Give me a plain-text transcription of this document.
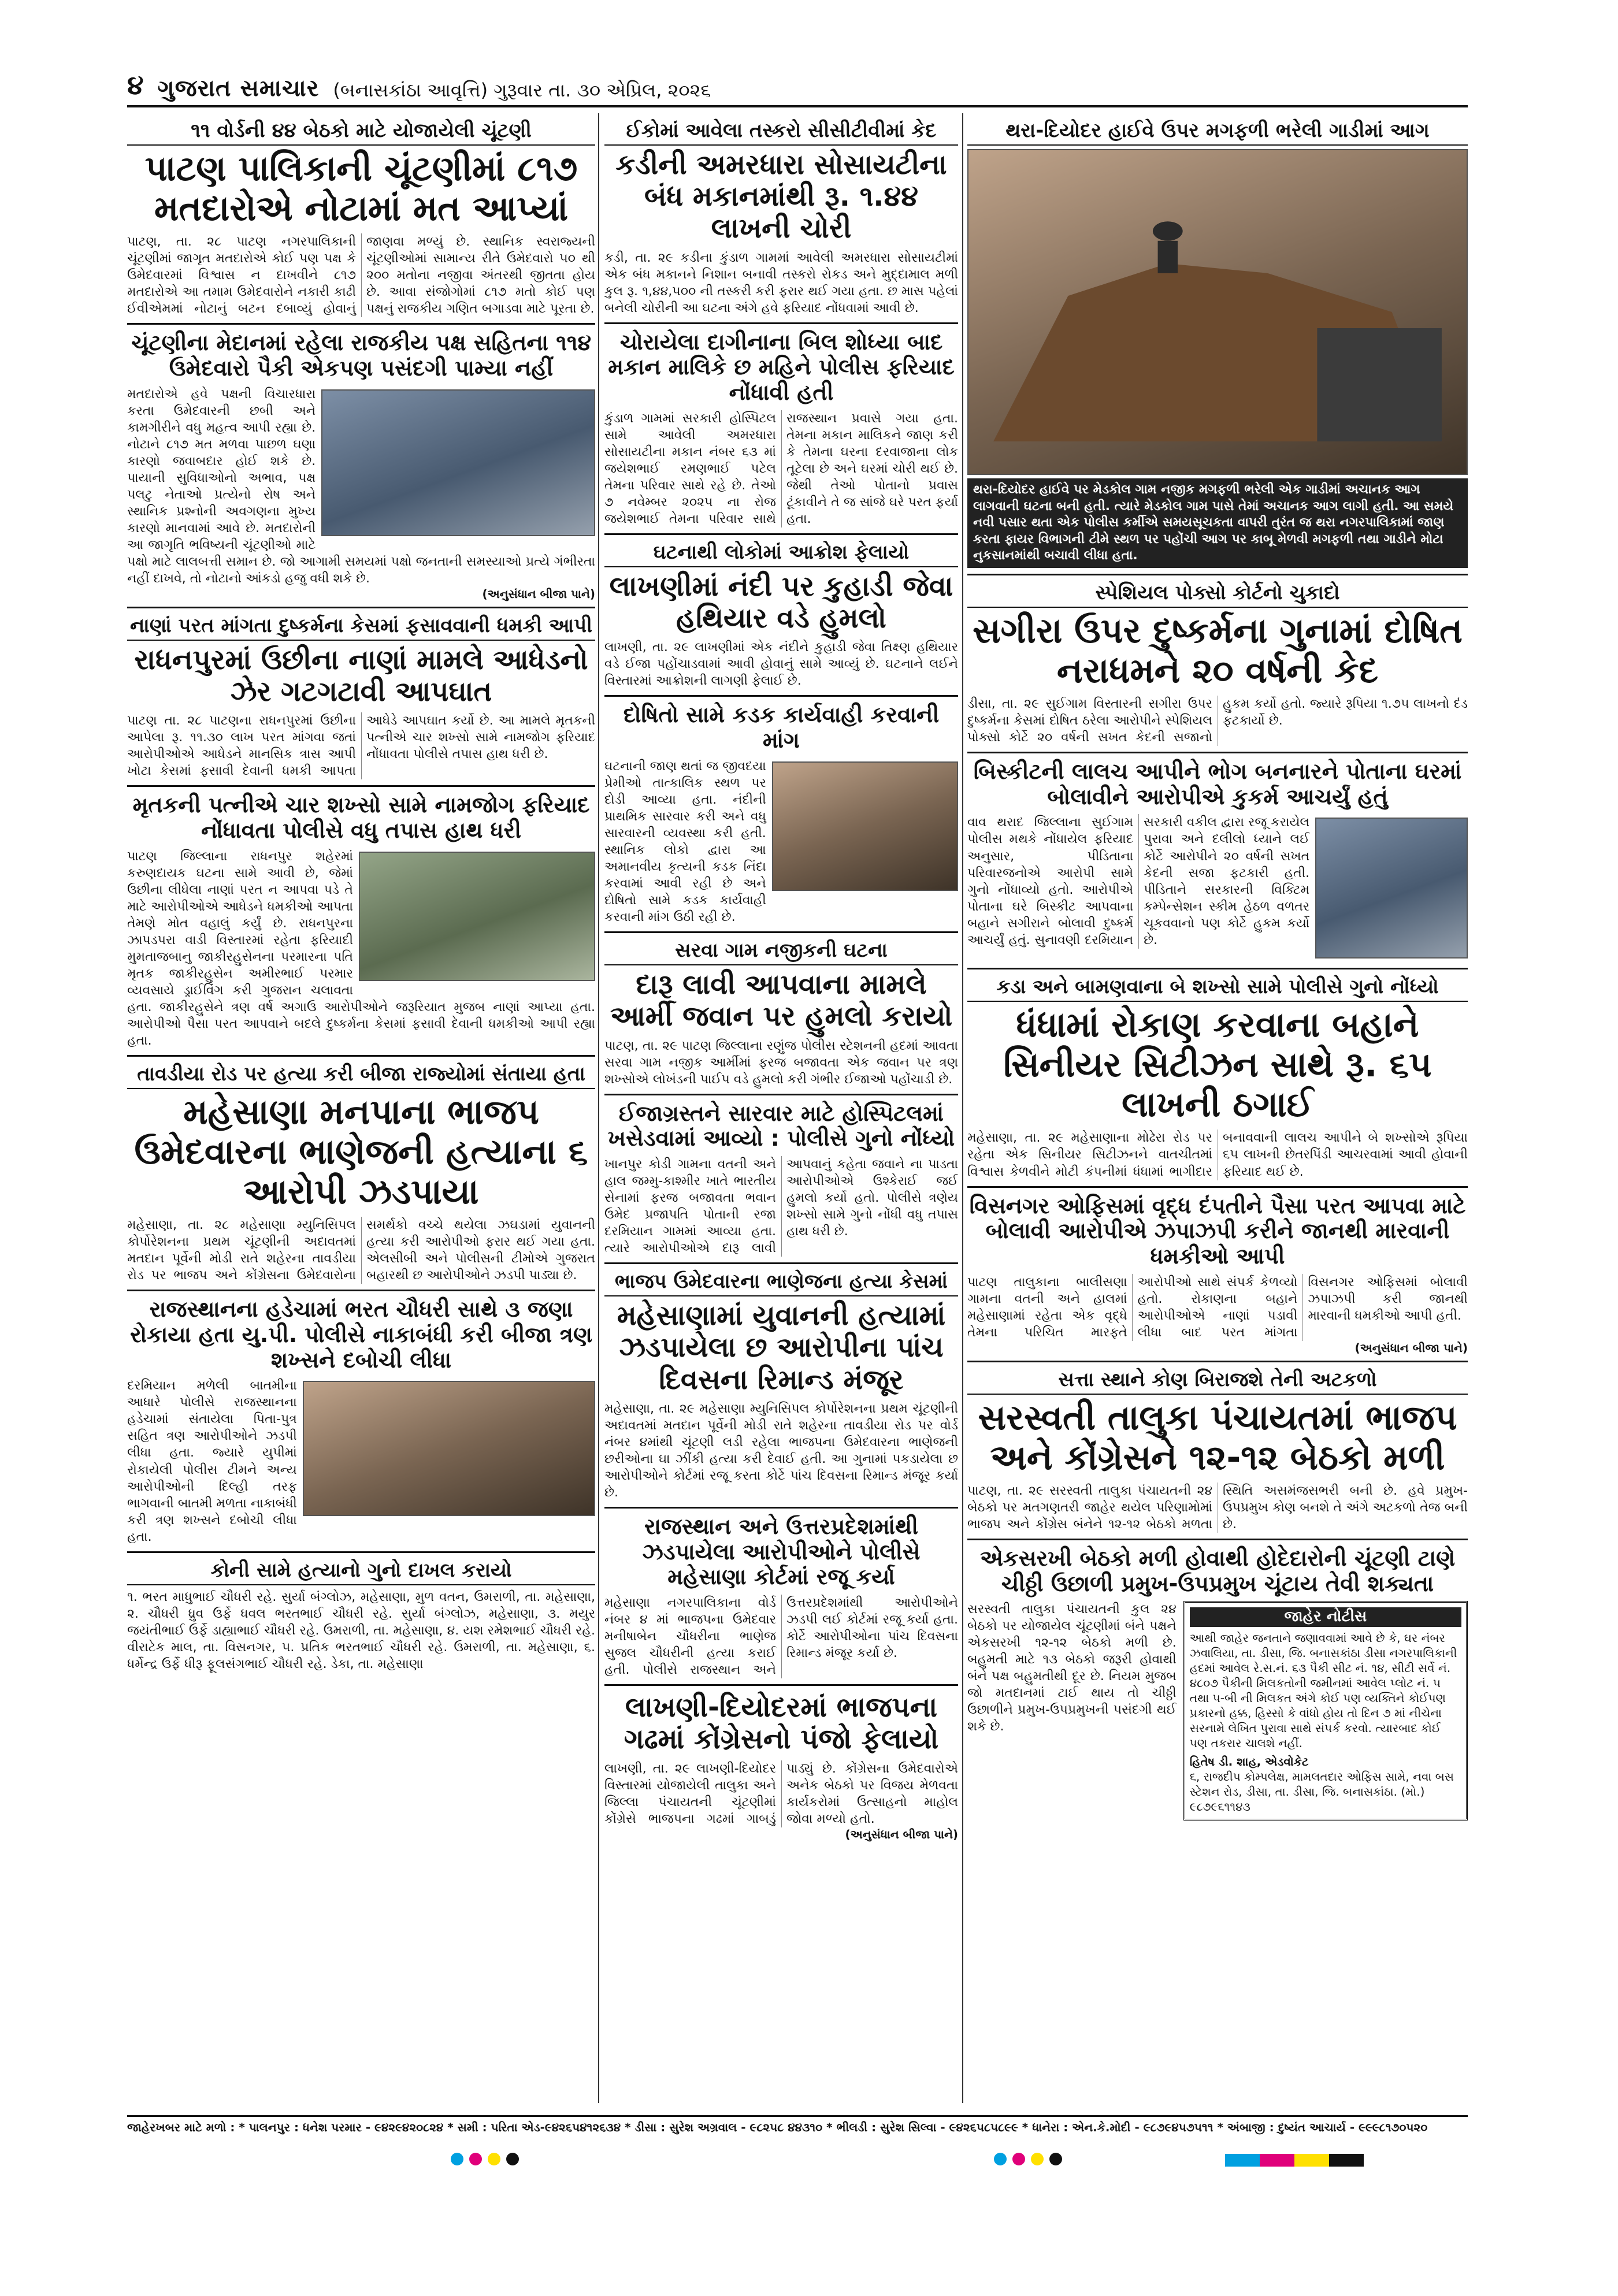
૪ ગુજરાત સમાચાર (બનાસકાંઠા આવૃત્તિ) ગુરૂવાર તા. ૩૦ એપ્રિલ, ૨૦૨૬
૧૧ વોર્ડની ૪૪ બેઠકો માટે યોજાયેલી ચૂંટણી
પાટણ પાલિકાની ચૂંટણીમાં ૮૧૭ મતદારોએ નોટામાં મત આપ્યાં
પાટણ, તા. ૨૮ પાટણ નગરપાલિકાની ચૂંટણીમાં જાગૃત મતદારોએ કોઈ પણ પક્ષ કે ઉમેદવારમાં વિશ્વાસ ન દાખવીને ૮૧૭ મતદારોએ આ તમામ ઉમેદવારોને નકારી કાઢી ઈવીએમમાં નોટાનું બટન દબાવ્યું હોવાનું જાણવા મળ્યું છે. સ્થાનિક સ્વરાજ્યની ચૂંટણીઓમાં સામાન્ય રીતે ઉમેદવારો ૫૦ થી ૨૦૦ મતોના નજીવા અંતરથી જીતતા હોય છે. આવા સંજોગોમાં ૮૧૭ મતો કોઈ પણ પક્ષનું રાજકીય ગણિત બગાડવા માટે પૂરતા છે.
ચૂંટણીના મેદાનમાં રહેલા રાજકીય પક્ષ સહિતના ૧૧૪ ઉમેદવારો પૈકી એકપણ પસંદગી પામ્યા નહીં
મતદારોએ હવે પક્ષની વિચારધારા કરતા ઉમેદવારની છબી અને કામગીરીને વધુ મહત્વ આપી રહ્યા છે. નોટાને ૮૧૭ મત મળવા પાછળ ઘણા કારણો જવાબદાર હોઈ શકે છે. પાયાની સુવિધાઓનો અભાવ, પક્ષ પલટુ નેતાઓ પ્રત્યેનો રોષ અને સ્થાનિક પ્રશ્નોની અવગણના મુખ્ય કારણો માનવામાં આવે છે. મતદારોની આ જાગૃતિ ભવિષ્યની ચૂંટણીઓ માટે પક્ષો માટે લાલબત્તી સમાન છે. જો આગામી સમયમાં પક્ષો જનતાની સમસ્યાઓ પ્રત્યે ગંભીરતા નહીં દાખવે, તો નોટાનો આંકડો હજુ વધી શકે છે.
(અનુસંધાન બીજા પાને)
નાણાં પરત માંગતા દુષ્કર્મના કેસમાં ફસાવવાની ધમકી આપી
રાધનપુરમાં ઉછીના નાણાં મામલે આધેડનો ઝેર ગટગટાવી આપઘાત
પાટણ તા. ૨૮ પાટણના રાધનપુરમાં ઉછીના આપેલા રૂ. ૧૧.૩૦ લાખ પરત માંગવા જતાં આરોપીઓએ આધેડને માનસિક ત્રાસ આપી ખોટા કેસમાં ફસાવી દેવાની ધમકી આપતા આધેડે આપઘાત કર્યો છે. આ મામલે મૃતકની પત્નીએ ચાર શખ્સો સામે નામજોગ ફરિયાદ નોંધાવતા પોલીસે તપાસ હાથ ધરી છે.
મૃતકની પત્નીએ ચાર શખ્સો સામે નામજોગ ફરિયાદ નોંધાવતા પોલીસે વધુ તપાસ હાથ ધરી
પાટણ જિલ્લાના રાધનપુર શહેરમાં કરુણદાયક ઘટના સામે આવી છે, જેમાં ઉછીના લીધેલા નાણાં પરત ન આપવા પડે તે માટે આરોપીઓએ આધેડને ધમકીઓ આપતા તેમણે મોત વહાલું કર્યું છે. રાધનપુરના ઝાપડપરા વાડી વિસ્તારમાં રહેતા ફરિયાદી મુમતાજબાનુ જાકીરહુસેનના પરમારના પતિ મૃતક જાકીરહુસેન અમીરભાઈ પરમાર વ્યવસાયે ડ્રાઈવિંગ કરી ગુજરાન ચલાવતા હતા. જાકીરહુસેને ત્રણ વર્ષ અગાઉ આરોપીઓને જરૂરિયાત મુજબ નાણાં આપ્યા હતા. આરોપીઓ પૈસા પરત આપવાને બદલે દુષ્કર્મના કેસમાં ફસાવી દેવાની ધમકીઓ આપી રહ્યા હતા.
તાવડીયા રોડ પર હત્યા કરી બીજા રાજ્યોમાં સંતાયા હતા
મહેસાણા મનપાના ભાજપ ઉમેદવારના ભાણેજની હત્યાના ૬ આરોપી ઝડપાયા
મહેસાણા, તા. ૨૮ મહેસાણા મ્યુનિસિપલ કોર્પોરેશનના પ્રથમ ચૂંટણીની અદાવતમાં મતદાન પૂર્વેની મોડી રાતે શહેરના તાવડીયા રોડ પર ભાજપ અને કોંગ્રેસના ઉમેદવારોના સમર્થકો વચ્ચે થયેલા ઝઘડામાં યુવાનની હત્યા કરી આરોપીઓ ફરાર થઈ ગયા હતા. એલસીબી અને પોલીસની ટીમોએ ગુજરાત બહારથી છ આરોપીઓને ઝડપી પાડ્યા છે.
રાજસ્થાનના હડેચામાં ભરત ચૌધરી સાથે ૩ જણા રોકાયા હતા યુ.પી. પોલીસે નાકાબંધી કરી બીજા ત્રણ શખ્સને દબોચી લીધા
દરમિયાન મળેલી બાતમીના આધારે પોલીસે રાજસ્થાનના હડેચામાં સંતાયેલા પિતા-પુત્ર સહિત ત્રણ આરોપીઓને ઝડપી લીધા હતા. જ્યારે યુપીમાં રોકાયેલી પોલીસ ટીમને અન્ય આરોપીઓની દિલ્હી તરફ ભાગવાની બાતમી મળતા નાકાબંધી કરી ત્રણ શખ્સને દબોચી લીધા હતા.
કોની સામે હત્યાનો ગુનો દાખલ કરાયો
૧. ભરત માધુભાઈ ચૌધરી રહે. સુર્યા બંગ્લોઝ, મહેસાણા, મુળ વતન, ઉમરાળી, તા. મહેસાણા, ૨. ચૌધરી ધ્રુવ ઉર્ફે ધવલ ભરતભાઈ ચૌધરી રહે. સુર્યા બંગ્લોઝ, મહેસાણા, ૩. મયુર જયંતીભાઈ ઉર્ફે ડાહ્યાભાઈ ચૌધરી રહે. ઉમરાળી, તા. મહેસાણા, ૪. યશ રમેશભાઈ ચૌધરી રહે. વીરાટેક માલ, તા. વિસનગર, ૫. પ્રતિક ભરતભાઈ ચૌધરી રહે. ઉમરાળી, તા. મહેસાણા, ૬. ધર્મેન્દ્ર ઉર્ફે ધીરૂ ફૂલસંગભાઈ ચૌધરી રહે. ડેકા, તા. મહેસાણા
ઈકોમાં આવેલા તસ્કરો સીસીટીવીમાં કેદ
કડીની અમરધારા સોસાયટીના બંધ મકાનમાંથી રૂ. ૧.૪૪ લાખની ચોરી
કડી, તા. ૨૯ કડીના કુંડાળ ગામમાં આવેલી અમરધારા સોસાયટીમાં એક બંધ મકાનને નિશાન બનાવી તસ્કરો રોકડ અને મુદ્દામાલ મળી કુલ રૂ. ૧,૪૪,૫૦૦ ની તસ્કરી કરી ફરાર થઈ ગયા હતા. છ માસ પહેલાં બનેલી ચોરીની આ ઘટના અંગે હવે ફરિયાદ નોંધવામાં આવી છે.
ચોરાયેલા દાગીનાના બિલ શોધ્યા બાદ મકાન માલિકે છ મહિને પોલીસ ફરિયાદ નોંધાવી હતી
કુંડાળ ગામમાં સરકારી હોસ્પિટલ સામે આવેલી અમરધારા સોસાયટીના મકાન નંબર ૬૩ માં જયેશભાઈ રમણભાઈ પટેલ તેમના પરિવાર સાથે રહે છે. તેઓ ૭ નવેમ્બર ૨૦૨૫ ના રોજ જયેશભાઈ તેમના પરિવાર સાથે રાજસ્થાન પ્રવાસે ગયા હતા. તેમના મકાન માલિકને જાણ કરી કે તેમના ઘરના દરવાજાના લોક તૂટેલા છે અને ઘરમાં ચોરી થઈ છે. જેથી તેઓ પોતાનો પ્રવાસ ટૂંકાવીને તે જ સાંજે ઘરે પરત ફર્યા હતા.
ઘટનાથી લોકોમાં આક્રોશ ફેલાયો
લાખણીમાં નંદી પર કુહાડી જેવા હથિયાર વડે હુમલો
લાખણી, તા. ૨૯ લાખણીમાં એક નંદીને કુહાડી જેવા તિક્ષ્ણ હથિયાર વડે ઈજા પહોંચાડવામાં આવી હોવાનું સામે આવ્યું છે. ઘટનાને લઈને વિસ્તારમાં આક્રોશની લાગણી ફેલાઈ છે.
દોષિતો સામે કડક કાર્યવાહી કરવાની માંગ
ઘટનાની જાણ થતાં જ જીવદયા પ્રેમીઓ તાત્કાલિક સ્થળ પર દોડી આવ્યા હતા. નંદીની પ્રાથમિક સારવાર કરી અને વધુ સારવારની વ્યવસ્થા કરી હતી. સ્થાનિક લોકો દ્વારા આ અમાનવીય કૃત્યની કડક નિંદા કરવામાં આવી રહી છે અને દોષિતો સામે કડક કાર્યવાહી કરવાની માંગ ઉઠી રહી છે.
સરવા ગામ નજીકની ઘટના
દારૂ લાવી આપવાના મામલે આર્મી જવાન પર હુમલો કરાયો
પાટણ, તા. ૨૯ પાટણ જિલ્લાના રણુંજ પોલીસ સ્ટેશનની હદમાં આવતા સરવા ગામ નજીક આર્મીમાં ફરજ બજાવતા એક જવાન પર ત્રણ શખ્સોએ લોખંડની પાઈપ વડે હુમલો કરી ગંભીર ઈજાઓ પહોંચાડી છે.
ઈજાગ્રસ્તને સારવાર માટે હોસ્પિટલમાં ખસેડવામાં આવ્યો : પોલીસે ગુનો નોંધ્યો
ખાનપુર કોડી ગામના વતની અને હાલ જમ્મુ-કાશ્મીર ખાતે ભારતીય સેનામાં ફરજ બજાવતા ભવાન ઉમેદ પ્રજાપતિ પોતાની રજા દરમિયાન ગામમાં આવ્યા હતા. ત્યારે આરોપીઓએ દારૂ લાવી આપવાનું કહેતા જવાને ના પાડતા આરોપીઓએ ઉશ્કેરાઈ જઈ હુમલો કર્યો હતો. પોલીસે ત્રણેય શખ્સો સામે ગુનો નોંધી વધુ તપાસ હાથ ધરી છે.
ભાજપ ઉમેદવારના ભાણેજના હત્યા કેસમાં
મહેસાણામાં યુવાનની હત્યામાં ઝડપાયેલા છ આરોપીના પાંચ દિવસના રિમાન્ડ મંજૂર
મહેસાણા, તા. ૨૯ મહેસાણા મ્યુનિસિપલ કોર્પોરેશનના પ્રથમ ચૂંટણીની અદાવતમાં મતદાન પૂર્વેની મોડી રાતે શહેરના તાવડીયા રોડ પર વોર્ડ નંબર ૪માંથી ચૂંટણી લડી રહેલા ભાજપના ઉમેદવારના ભાણેજની છરીઓના ઘા ઝીંકી હત્યા કરી દેવાઈ હતી. આ ગુનામાં પકડાયેલા છ આરોપીઓને કોર્ટમાં રજૂ કરતા કોર્ટે પાંચ દિવસના રિમાન્ડ મંજૂર કર્યા છે.
રાજસ્થાન અને ઉત્તરપ્રદેશમાંથી ઝડપાયેલા આરોપીઓને પોલીસે મહેસાણા કોર્ટમાં રજૂ કર્યા
મહેસાણા નગરપાલિકાના વોર્ડ નંબર ૪ માં ભાજપના ઉમેદવાર મનીષાબેન ચૌધરીના ભાણેજ સુજલ ચૌધરીની હત્યા કરાઈ હતી. પોલીસે રાજસ્થાન અને ઉત્તરપ્રદેશમાંથી આરોપીઓને ઝડપી લઈ કોર્ટમાં રજૂ કર્યા હતા. કોર્ટે આરોપીઓના પાંચ દિવસના રિમાન્ડ મંજૂર કર્યા છે.
લાખણી-દિયોદરમાં ભાજપના ગઢમાં કોંગ્રેસનો પંજો ફેલાયો
લાખણી, તા. ૨૯ લાખણી-દિયોદર વિસ્તારમાં યોજાયેલી તાલુકા અને જિલ્લા પંચાયતની ચૂંટણીમાં કોંગ્રેસે ભાજપના ગઢમાં ગાબડું પાડ્યું છે. કોંગ્રેસના ઉમેદવારોએ અનેક બેઠકો પર વિજય મેળવતા કાર્યકરોમાં ઉત્સાહનો માહોલ જોવા મળ્યો હતો.
(અનુસંધાન બીજા પાને)
થરા-દિયોદર હાઈવે ઉપર મગફળી ભરેલી ગાડીમાં આગ
થરા-દિયોદર હાઈવે પર મેડકોલ ગામ નજીક મગફળી ભરેલી એક ગાડીમાં અચાનક આગ લાગવાની ઘટના બની હતી. ત્યારે મેડકોલ ગામ પાસે તેમાં અચાનક આગ લાગી હતી. આ સમયે નવી પસાર થતા એક પોલીસ કર્મીએ સમયસૂચકતા વાપરી તુરંત જ થરા નગરપાલિકામાં જાણ કરતા ફાયર વિભાગની ટીમે સ્થળ પર પહોંચી આગ પર કાબૂ મેળવી મગફળી તથા ગાડીને મોટા નુકસાનમાંથી બચાવી લીધા હતા.
સ્પેશિયલ પોક્સો કોર્ટનો ચુકાદો
સગીરા ઉપર દુષ્કર્મના ગુનામાં દોષિત નરાધમને ૨૦ વર્ષની કેદ
ડીસા, તા. ૨૯ સુઈગામ વિસ્તારની સગીરા ઉપર દુષ્કર્મના કેસમાં દોષિત ઠરેલા આરોપીને સ્પેશિયલ પોક્સો કોર્ટે ૨૦ વર્ષની સખત કેદની સજાનો હુકમ કર્યો હતો. જ્યારે રૂપિયા ૧.૭૫ લાખનો દંડ ફટકાર્યો છે.
બિસ્કીટની લાલચ આપીને ભોગ બનનારને પોતાના ઘરમાં બોલાવીને આરોપીએ કુકર્મ આચર્યું હતું
વાવ થરાદ જિલ્લાના સુઈગામ પોલીસ મથકે નોંધાયેલ ફરિયાદ અનુસાર, પીડિતાના પરિવારજનોએ આરોપી સામે ગુનો નોંધાવ્યો હતો. આરોપીએ પોતાના ઘરે બિસ્કીટ આપવાના બહાને સગીરાને બોલાવી દુષ્કર્મ આચર્યું હતું. સુનાવણી દરમિયાન સરકારી વકીલ દ્વારા રજૂ કરાયેલ પુરાવા અને દલીલો ધ્યાને લઈ કોર્ટે આરોપીને ૨૦ વર્ષની સખત કેદની સજા ફટકારી હતી. પીડિતાને સરકારની વિક્ટિમ કમ્પેન્સેશન સ્કીમ હેઠળ વળતર ચૂકવવાનો પણ કોર્ટે હુકમ કર્યો છે.
કડા અને બામણવાના બે શખ્સો સામે પોલીસે ગુનો નોંધ્યો
ધંધામાં રોકાણ કરવાના બહાને સિનીયર સિટીઝન સાથે રૂ. ૬૫ લાખની ઠગાઈ
મહેસાણા, તા. ૨૯ મહેસાણાના મોઢેરા રોડ પર રહેતા એક સિનીયર સિટીઝનને વાતચીતમાં વિશ્વાસ કેળવીને મોટી કંપનીમાં ધંધામાં ભાગીદાર બનાવવાની લાલચ આપીને બે શખ્સોએ રૂપિયા ૬૫ લાખની છેતરપિંડી આચરવામાં આવી હોવાની ફરિયાદ થઈ છે.
વિસનગર ઓફિસમાં વૃદ્ધ દંપતીને પૈસા પરત આપવા માટે બોલાવી આરોપીએ ઝપાઝપી કરીને જાનથી મારવાની ધમકીઓ આપી
પાટણ તાલુકાના બાલીસણા ગામના વતની અને હાલમાં મહેસાણામાં રહેતા એક વૃદ્ધે તેમના પરિચિત મારફતે આરોપીઓ સાથે સંપર્ક કેળવ્યો હતો. રોકાણના બહાને આરોપીઓએ નાણાં પડાવી લીધા બાદ પરત માંગતા વિસનગર ઓફિસમાં બોલાવી ઝપાઝપી કરી જાનથી મારવાની ધમકીઓ આપી હતી.
(અનુસંધાન બીજા પાને)
સત્તા સ્થાને કોણ બિરાજશે તેની અટકળો
સરસ્વતી તાલુકા પંચાયતમાં ભાજપ અને કોંગ્રેસને ૧૨-૧૨ બેઠકો મળી
પાટણ, તા. ૨૯ સરસ્વતી તાલુકા પંચાયતની ૨૪ બેઠકો પર મતગણતરી જાહેર થયેલ પરિણામોમાં ભાજપ અને કોંગ્રેસ બંનેને ૧૨-૧૨ બેઠકો મળતા સ્થિતિ અસમંજસભરી બની છે. હવે પ્રમુખ-ઉપપ્રમુખ કોણ બનશે તે અંગે અટકળો તેજ બની છે.
એકસરખી બેઠકો મળી હોવાથી હોદેદારોની ચૂંટણી ટાણે ચીઠ્ઠી ઉછાળી પ્રમુખ-ઉપપ્રમુખ ચૂંટાય તેવી શક્યતા
સરસ્વતી તાલુકા પંચાયતની કુલ ૨૪ બેઠકો પર યોજાયેલ ચૂંટણીમાં બંને પક્ષને એકસરખી ૧૨-૧૨ બેઠકો મળી છે. બહુમતી માટે ૧૩ બેઠકો જરૂરી હોવાથી બંને પક્ષ બહુમતીથી દૂર છે. નિયમ મુજબ જો મતદાનમાં ટાઈ થાય તો ચીઠ્ઠી ઉછાળીને પ્રમુખ-ઉપપ્રમુખની પસંદગી થઈ શકે છે.
જાહેર નોટીસ
આથી જાહેર જનતાને જણાવવામાં આવે છે કે, ઘર નંબર ઝવાલિયા, તા. ડીસા, જિ. બનાસકાંઠા ડીસા નગરપાલિકાની હદમાં આવેલ રે.સ.નં. ૬૩ પૈકી સીટ નં. ૧૪, સીટી સર્વે નં. ૪૮૦૭ પૈકીની મિલકતોની જમીનમાં આવેલ પ્લોટ નં. ૫ તથા ૫-બી ની મિલકત અંગે કોઈ પણ વ્યક્તિને કોઈપણ પ્રકારનો હક્ક, હિસ્સો કે વાંધો હોય તો દિન ૭ માં નીચેના સરનામે લેખિત પુરાવા સાથે સંપર્ક કરવો. ત્યારબાદ કોઈ પણ તકરાર ચાલશે નહીં.
હિતેષ ડી. શાહ, એડવોકેટ
૬, રાજદીપ કોમ્પલેક્ષ, મામલતદાર ઓફિસ સામે, નવા બસ સ્ટેશન રોડ, ડીસા, તા. ડીસા, જિ. બનાસકાંઠા. (મો.) ૯૮૭૯૬૧૧૪૩
જાહેરખબર માટે મળો : * પાલનપુર : ધનેશ પરમાર - ૯૪૨૯૪૨૦૮૨૪ * સમી : પરિતા એડ-૯૪૨૬૫૪૧૨૬૩૪ * ડીસા : સુરેશ અગ્રવાલ - ૯૮૨૫૮ ૪૪૩૧૦ * ભીલડી : સુરેશ સિલ્વા - ૯૪૨૬૫૮૫૮૯૯ * ધાનેરા : એન.કે.મોદી - ૯૮૭૯૪૫૭૫૧૧ * અંબાજી : દુષ્યંત આચાર્ય - ૯૯૯૮૧૭૦૫૨૦
